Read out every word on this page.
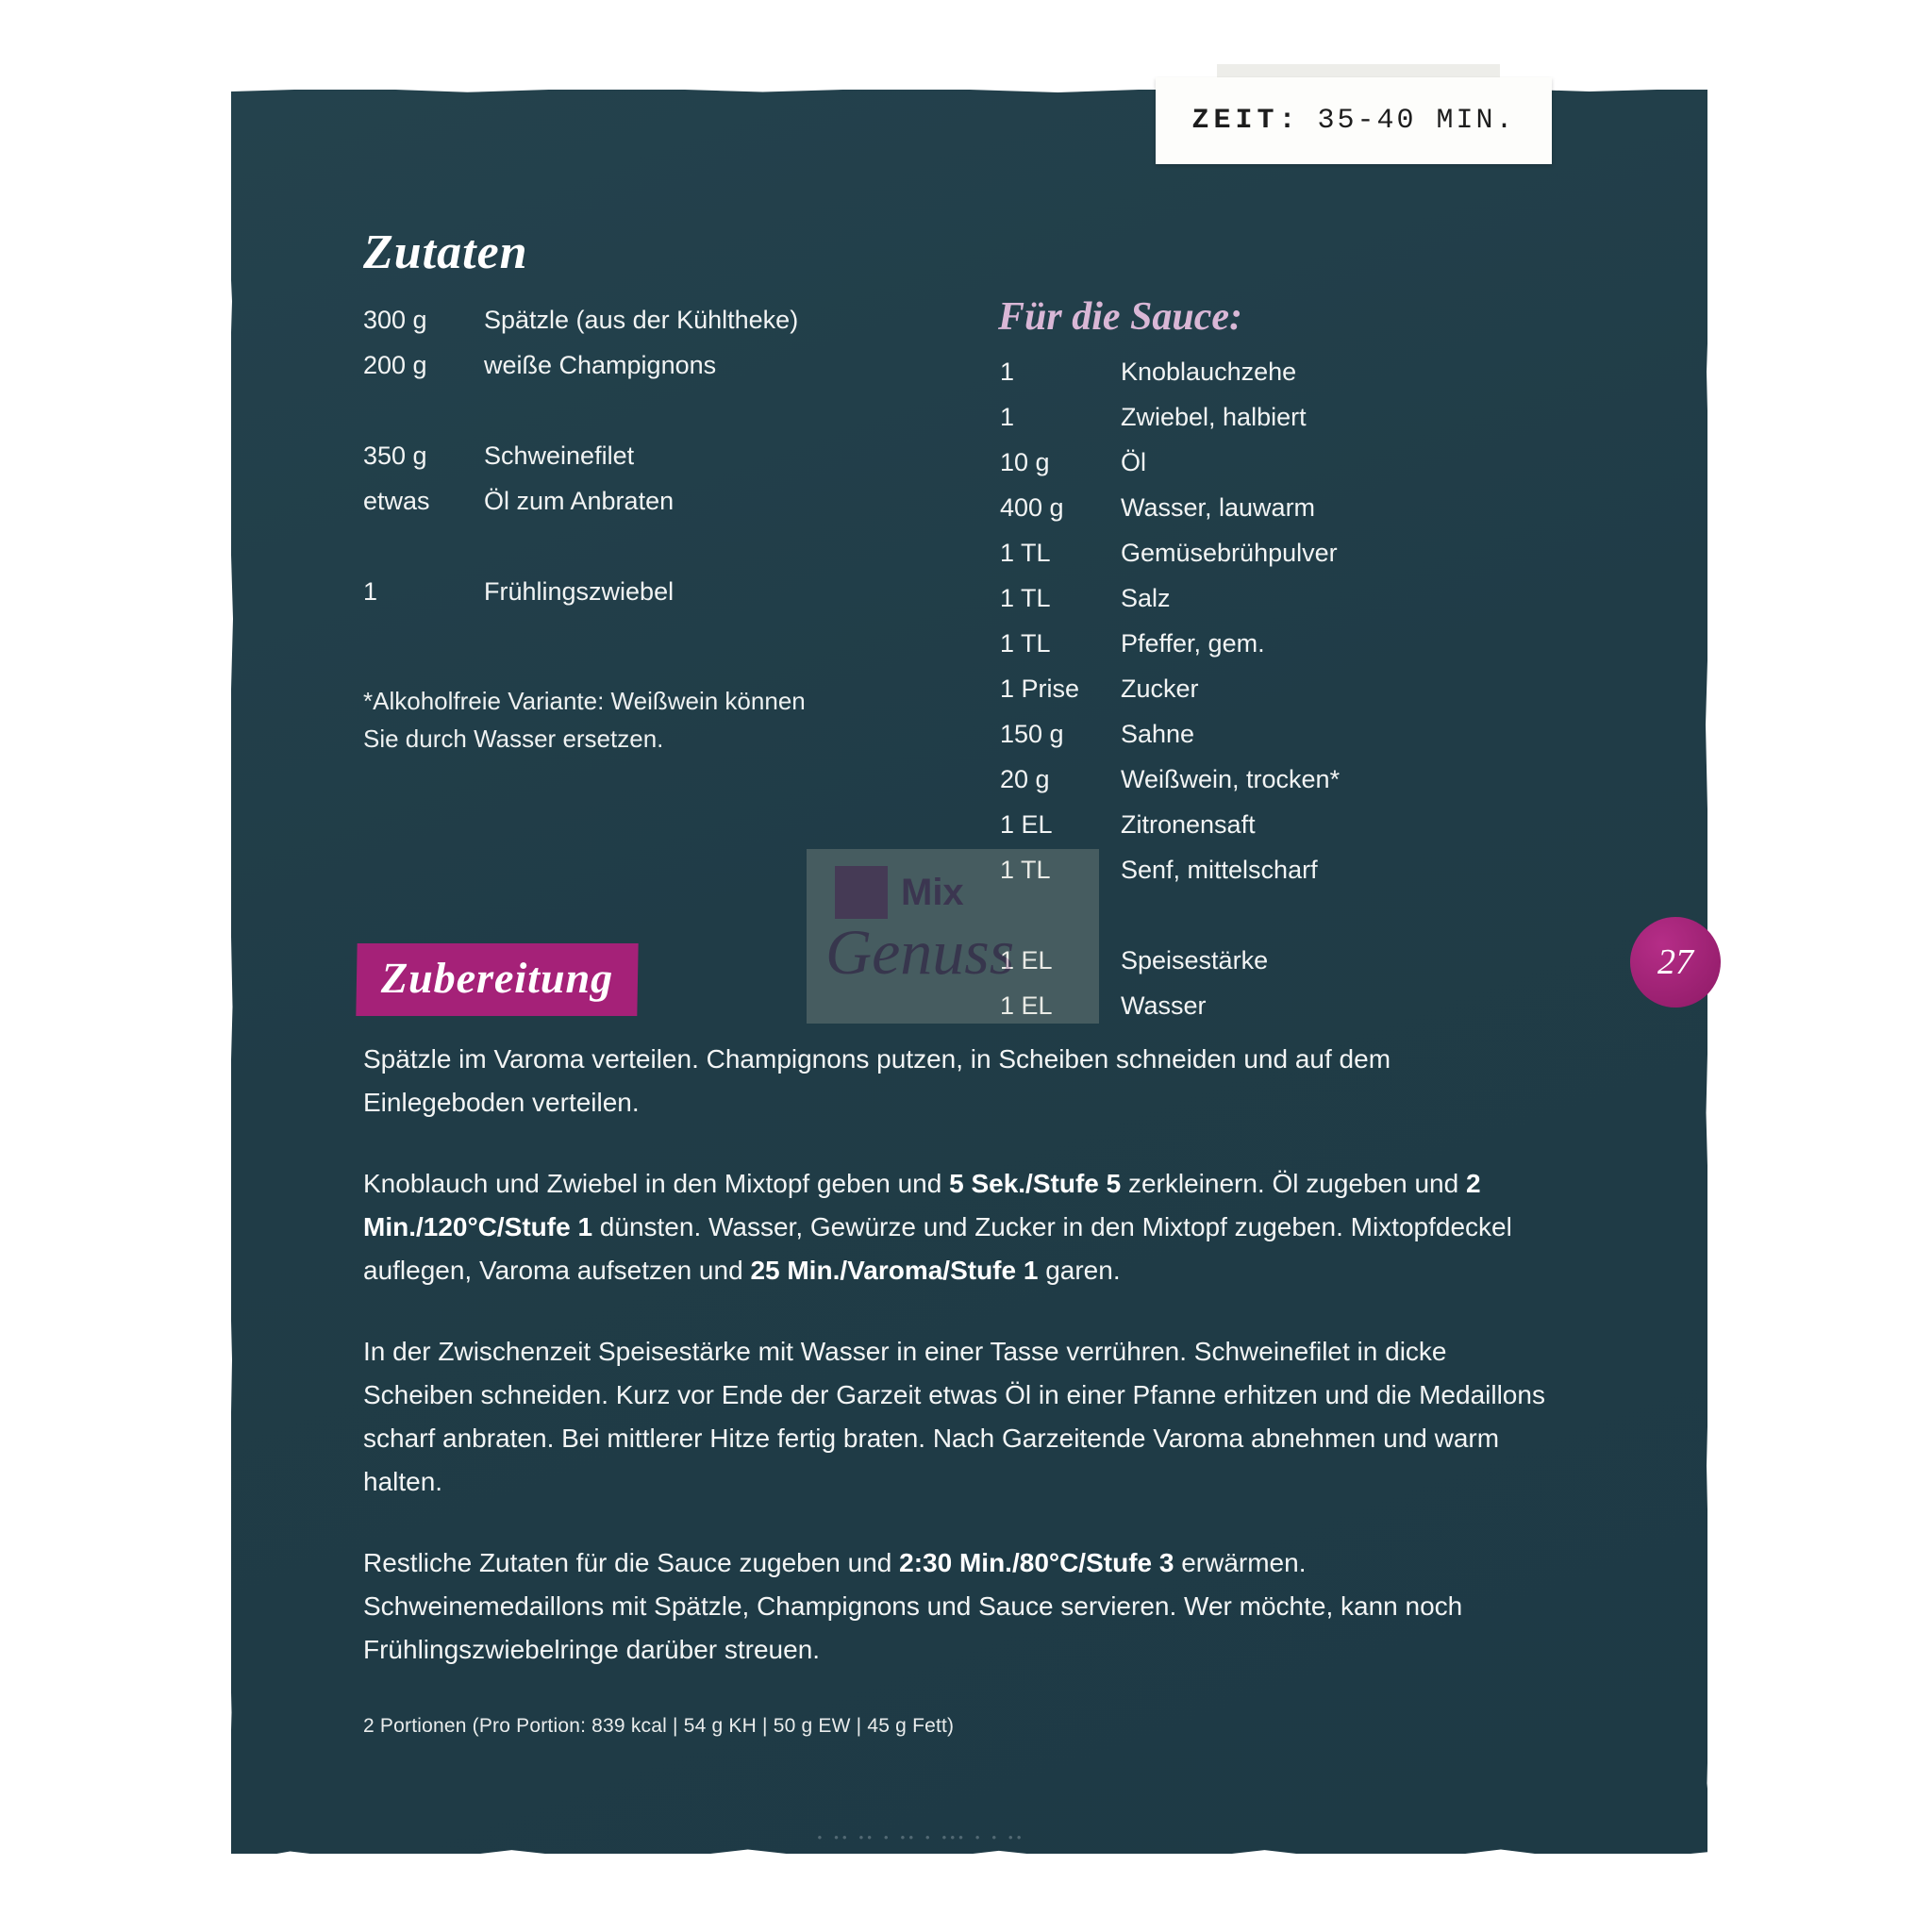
• •• •• • •• • ••• • • ••
ZEIT: 35-40 MIN.
Zutaten
300 g	Spätzle (aus der Kühltheke)
200 g	weiße Champignons
350 g	Schweinefilet
etwas	Öl zum Anbraten
1	Frühlingszwiebel
Für die Sauce:
1	Knoblauchzehe
1	Zwiebel, halbiert
10 g	Öl
400 g	Wasser, lauwarm
1 TL	Gemüsebrühpulver
1 TL	Salz
1 TL	Pfeffer, gem.
1 Prise	Zucker
150 g	Sahne
20 g	Weißwein, trocken*
1 EL	Zitronensaft
1 TL	Senf, mittelscharf
1 EL	Speisestärke
1 EL	Wasser
*Alkoholfreie Variante: Weißwein können Sie durch Wasser ersetzen.
Zubereitung

Spätzle im Varoma verteilen. Champignons putzen, in Scheiben schneiden und auf dem Einlegeboden verteilen.

Knoblauch und Zwiebel in den Mixtopf geben und 5 Sek./Stufe 5 zerkleinern. Öl zugeben und 2 Min./120°C/Stufe 1 dünsten. Wasser, Gewürze und Zucker in den Mixtopf zugeben. Mixtopfdeckel auflegen, Varoma aufsetzen und 25 Min./Varoma/Stufe 1 garen.

In der Zwischenzeit Speisestärke mit Wasser in einer Tasse verrühren. Schweinefilet in dicke Scheiben schneiden. Kurz vor Ende der Garzeit etwas Öl in einer Pfanne erhitzen und die Medaillons scharf anbraten. Bei mittlerer Hitze fertig braten. Nach Garzeitende Varoma abnehmen und warm halten.

Restliche Zutaten für die Sauce zugeben und 2:30 Min./80°C/Stufe 3 erwärmen. Schweinemedaillons mit Spätzle, Champignons und Sauce servieren. Wer möchte, kann noch Frühlingszwiebelringe darüber streuen.

2 Portionen (Pro Portion: 839 kcal | 54 g KH | 50 g EW | 45 g Fett)
Mix
Genuss	27
